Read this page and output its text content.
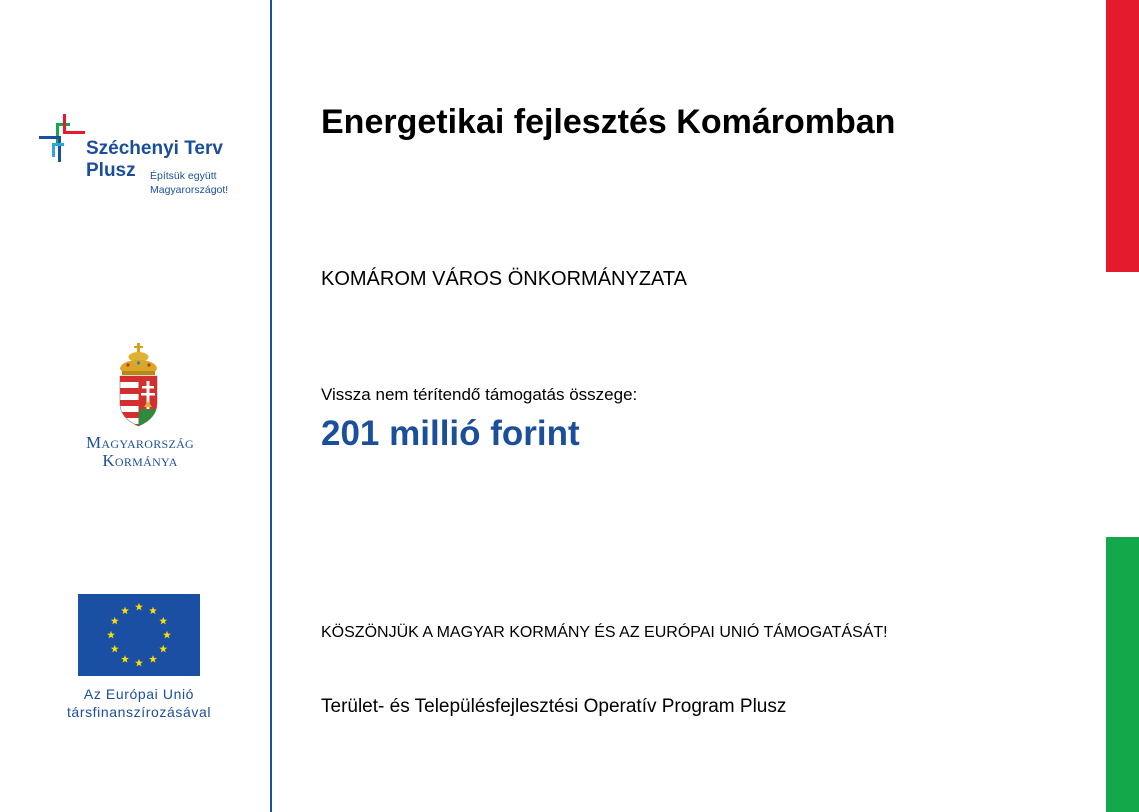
Széchenyi Terv
Plusz Építsük együtt
Magyarországot!
Magyarország
Kormánya
Az Európai Unió
társfinanszírozásával
Energetikai fejlesztés Komáromban
KOMÁROM VÁROS ÖNKORMÁNYZATA
Vissza nem térítendő támogatás összege:
201 millió forint
KÖSZÖNJÜK A MAGYAR KORMÁNY ÉS AZ EURÓPAI UNIÓ TÁMOGATÁSÁT!
Terület- és Településfejlesztési Operatív Program Plusz
